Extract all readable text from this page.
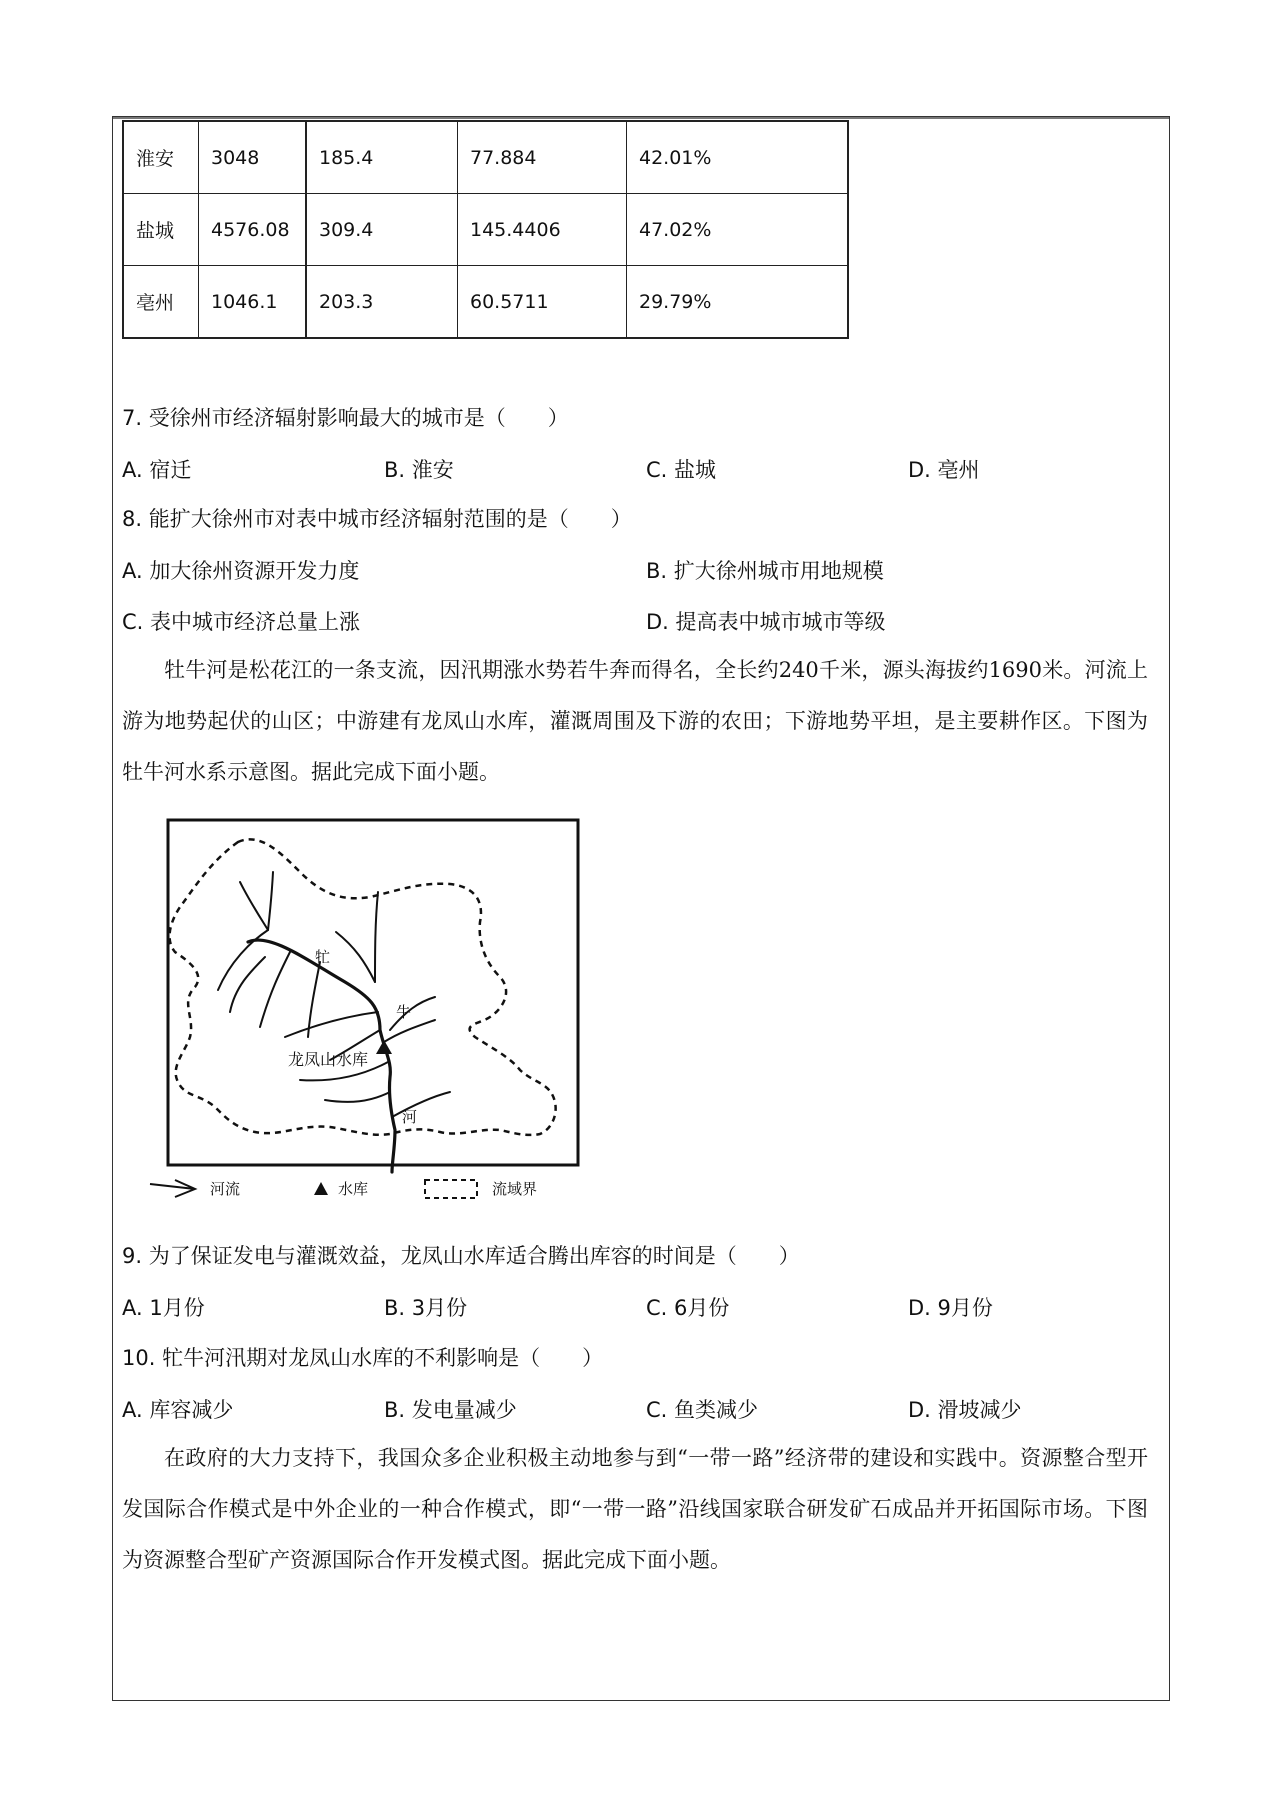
淮安	3048	185.4	77.884	42.01%
盐城	4576.08	309.4	145.4406	47.02%
亳州	1046.1	203.3	60.5711	29.79%
7. 受徐州市经济辐射影响最大的城市是（　　）
A. 宿迁	B. 淮安	C. 盐城	D. 亳州
8. 能扩大徐州市对表中城市经济辐射范围的是（　　）
A. 加大徐州资源开发力度	B. 扩大徐州城市用地规模
C. 表中城市经济总量上涨	D. 提高表中城市城市等级
牡牛河是松花江的一条支流，因汛期涨水势若牛奔而得名，全长约240千米，源头海拔约1690米。河流上游为地势起伏的山区；中游建有龙凤山水库，灌溉周围及下游的农田；下游地势平坦，是主要耕作区。下图为牡牛河水系示意图。据此完成下面小题。
牤
牛
河
龙凤山水库
河流	水库	流域界
9. 为了保证发电与灌溉效益，龙凤山水库适合腾出库容的时间是（　　）
A. 1月份	B. 3月份	C. 6月份	D. 9月份
10. 牤牛河汛期对龙凤山水库的不利影响是（　　）
A. 库容减少	B. 发电量减少	C. 鱼类减少	D. 滑坡减少
在政府的大力支持下，我国众多企业积极主动地参与到“一带一路”经济带的建设和实践中。资源整合型开发国际合作模式是中外企业的一种合作模式，即“一带一路”沿线国家联合研发矿石成品并开拓国际市场。下图为资源整合型矿产资源国际合作开发模式图。据此完成下面小题。
